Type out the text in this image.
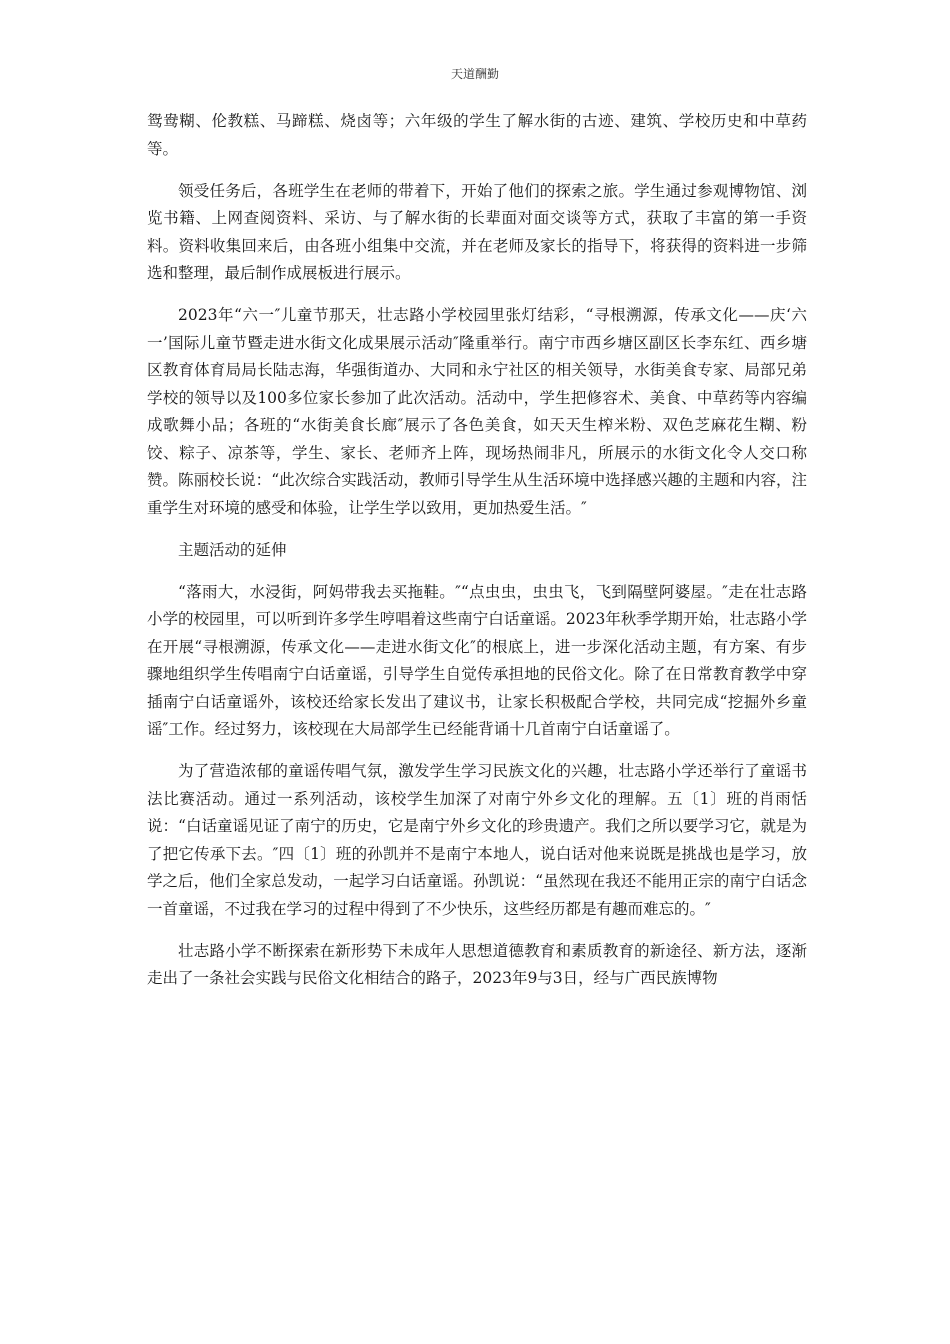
天道酬勤

鸳鸯糊、伦教糕、马蹄糕、烧卤等；六年级的学生了解水街的古迹、建筑、学校历史和中草药等。

领受任务后，各班学生在老师的带着下，开始了他们的探索之旅。学生通过参观博物馆、浏览书籍、上网查阅资料、采访、与了解水街的长辈面对面交谈等方式，获取了丰富的第一手资料。资料收集回来后，由各班小组集中交流，并在老师及家长的指导下，将获得的资料进一步筛选和整理，最后制作成展板进行展示。

2023年“六一″儿童节那天，壮志路小学校园里张灯结彩，“寻根溯源，传承文化——庆‘六一’国际儿童节暨走进水街文化成果展示活动″隆重举行。南宁市西乡塘区副区长李东红、西乡塘区教育体育局局长陆志海，华强街道办、大同和永宁社区的相关领导，水街美食专家、局部兄弟学校的领导以及100多位家长参加了此次活动。活动中，学生把修容术、美食、中草药等内容编成歌舞小品；各班的“水街美食长廊″展示了各色美食，如天天生榨米粉、双色芝麻花生糊、粉饺、粽子、凉茶等，学生、家长、老师齐上阵，现场热闹非凡，所展示的水街文化令人交口称赞。陈丽校长说：“此次综合实践活动，教师引导学生从生活环境中选择感兴趣的主题和内容，注重学生对环境的感受和体验，让学生学以致用，更加热爱生活。″

主题活动的延伸

“落雨大，水浸街，阿妈带我去买拖鞋。″“点虫虫，虫虫飞，飞到隔壁阿婆屋。″走在壮志路小学的校园里，可以听到许多学生哼唱着这些南宁白话童谣。2023年秋季学期开始，壮志路小学在开展“寻根溯源，传承文化——走进水街文化″的根底上，进一步深化活动主题，有方案、有步骤地组织学生传唱南宁白话童谣，引导学生自觉传承担地的民俗文化。除了在日常教育教学中穿插南宁白话童谣外，该校还给家长发出了建议书，让家长积极配合学校，共同完成“挖掘外乡童谣″工作。经过努力，该校现在大局部学生已经能背诵十几首南宁白话童谣了。

为了营造浓郁的童谣传唱气氛，激发学生学习民族文化的兴趣，壮志路小学还举行了童谣书法比赛活动。通过一系列活动，该校学生加深了对南宁外乡文化的理解。五〔1〕班的肖雨恬说：“白话童谣见证了南宁的历史，它是南宁外乡文化的珍贵遗产。我们之所以要学习它，就是为了把它传承下去。″四〔1〕班的孙凯并不是南宁本地人，说白话对他来说既是挑战也是学习，放学之后，他们全家总发动，一起学习白话童谣。孙凯说：“虽然现在我还不能用正宗的南宁白话念一首童谣，不过我在学习的过程中得到了不少快乐，这些经历都是有趣而难忘的。″

壮志路小学不断探索在新形势下未成年人思想道德教育和素质教育的新途径、新方法，逐渐走出了一条社会实践与民俗文化相结合的路子，2023年9与3日，经与广西民族博物
